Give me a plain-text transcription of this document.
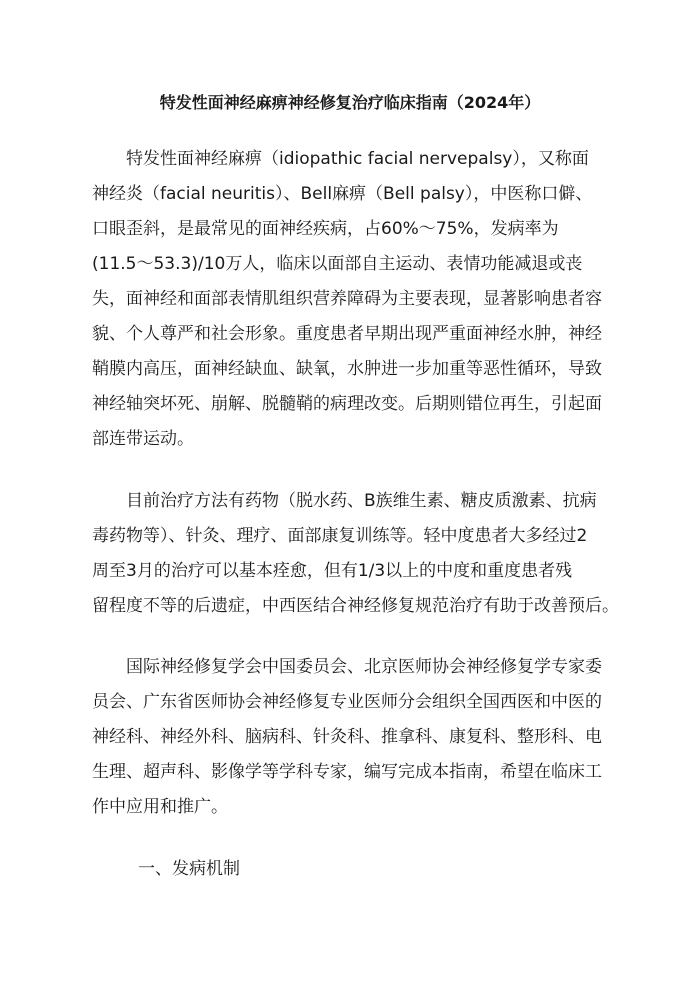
特发性面神经麻痹神经修复治疗临床指南（2024年）
　　特发性面神经麻痹（idiopathic facial nervepalsy），又称面
神经炎（facial neuritis）、Bell麻痹（Bell palsy），中医称口僻、
口眼歪斜，是最常见的面神经疾病，占60%～75%，发病率为
(11.5～53.3)/10万人，临床以面部自主运动、表情功能减退或丧
失，面神经和面部表情肌组织营养障碍为主要表现，显著影响患者容
貌、个人尊严和社会形象。重度患者早期出现严重面神经水肿，神经
鞘膜内高压，面神经缺血、缺氧，水肿进一步加重等恶性循环，导致
神经轴突坏死、崩解、脱髓鞘的病理改变。后期则错位再生，引起面
部连带运动。
　　目前治疗方法有药物（脱水药、B族维生素、糖皮质激素、抗病
毒药物等）、针灸、理疗、面部康复训练等。轻中度患者大多经过2
周至3月的治疗可以基本痊愈，但有1/3以上的中度和重度患者残
留程度不等的后遗症，中西医结合神经修复规范治疗有助于改善预后。
　　国际神经修复学会中国委员会、北京医师协会神经修复学专家委
员会、广东省医师协会神经修复专业医师分会组织全国西医和中医的
神经科、神经外科、脑病科、针灸科、推拿科、康复科、整形科、电
生理、超声科、影像学等学科专家，编写完成本指南，希望在临床工
作中应用和推广。
一、发病机制
